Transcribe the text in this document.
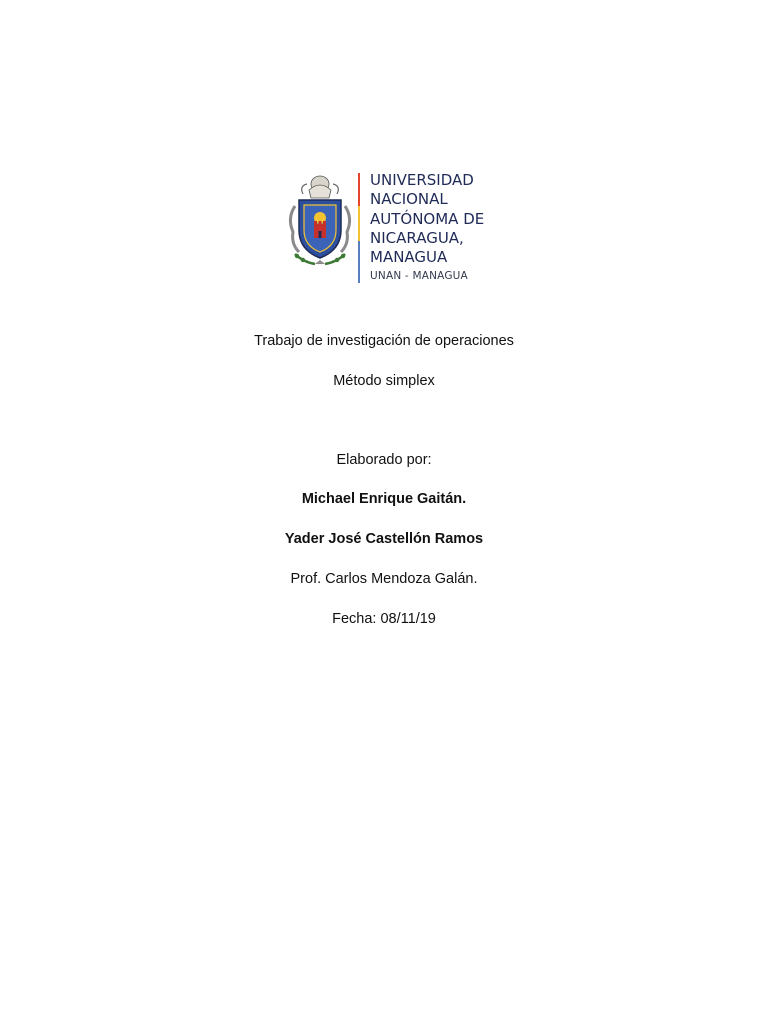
UNIVERSIDAD
NACIONAL
AUTÓNOMA DE
NICARAGUA,
MANAGUA
UNAN - MANAGUA
Trabajo de investigación de operaciones
Método simplex
Elaborado por:
Michael Enrique Gaitán.
Yader José Castellón Ramos
Prof. Carlos Mendoza Galán.
Fecha: 08/11/19
